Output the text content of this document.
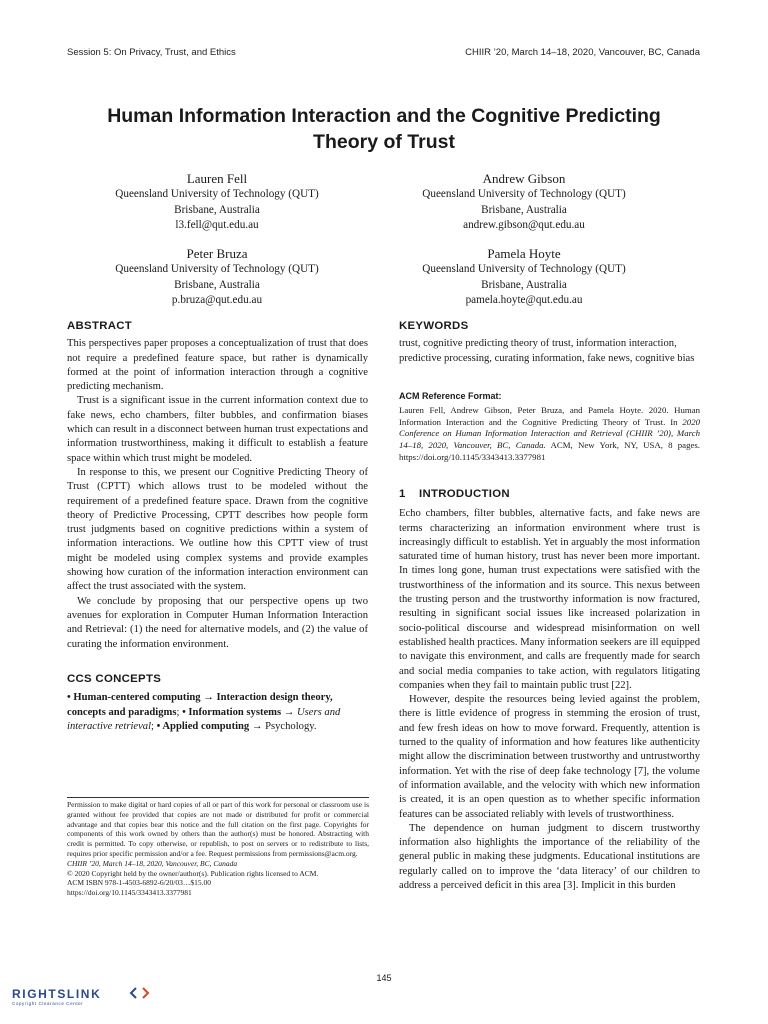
Session 5: On Privacy, Trust, and Ethics	CHIIR ’20, March 14–18, 2020, Vancouver, BC, Canada
Human Information Interaction and the Cognitive Predicting
Theory of Trust
Lauren Fell
Queensland University of Technology (QUT)
Brisbane, Australia
l3.fell@qut.edu.au
Andrew Gibson
Queensland University of Technology (QUT)
Brisbane, Australia
andrew.gibson@qut.edu.au
Peter Bruza
Queensland University of Technology (QUT)
Brisbane, Australia
p.bruza@qut.edu.au
Pamela Hoyte
Queensland University of Technology (QUT)
Brisbane, Australia
pamela.hoyte@qut.edu.au
ABSTRACT

This perspectives paper proposes a conceptualization of trust that does not require a predefined feature space, but rather is dynamically formed at the point of information interaction through a cognitive predicting mechanism.

Trust is a significant issue in the current information context due to fake news, echo chambers, filter bubbles, and confirmation biases which can result in a disconnect between human trust expectations and information trustworthiness, making it difficult to establish a feature space within which trust might be modeled.

In response to this, we present our Cognitive Predicting Theory of Trust (CPTT) which allows trust to be modeled without the requirement of a predefined feature space. Drawn from the cognitive theory of Predictive Processing, CPTT describes how people form trust judgments based on cognitive predictions within a system of information interactions. We outline how this CPTT view of trust might be modeled using complex systems and provide examples showing how curation of the information interaction environment can affect the trust associated with the system.

We conclude by proposing that our perspective opens up two avenues for exploration in Computer Human Information Interaction and Retrieval: (1) the need for alternative models, and (2) the value of curating the information environment.

CCS CONCEPTS

• Human-centered computing → Interaction design theory, concepts and paradigms; • Information systems → Users and interactive retrieval; • Applied computing → Psychology.

Permission to make digital or hard copies of all or part of this work for personal or classroom use is granted without fee provided that copies are not made or distributed for profit or commercial advantage and that copies bear this notice and the full citation on the first page. Copyrights for components of this work owned by others than the author(s) must be honored. Abstracting with credit is permitted. To copy otherwise, or republish, to post on servers or to redistribute to lists, requires prior specific permission and/or a fee. Request permissions from permissions@acm.org.
CHIIR ’20, March 14–18, 2020, Vancouver, BC, Canada
© 2020 Copyright held by the owner/author(s). Publication rights licensed to ACM.
ACM ISBN 978-1-4503-6892-6/20/03…$15.00
https://doi.org/10.1145/3343413.3377981
KEYWORDS

trust, cognitive predicting theory of trust, information interaction, predictive processing, curating information, fake news, cognitive bias

ACM Reference Format:
Lauren Fell, Andrew Gibson, Peter Bruza, and Pamela Hoyte. 2020. Human Information Interaction and the Cognitive Predicting Theory of Trust. In 2020 Conference on Human Information Interaction and Retrieval (CHIIR ’20), March 14–18, 2020, Vancouver, BC, Canada. ACM, New York, NY, USA, 8 pages. https://doi.org/10.1145/3343413.3377981
1 INTRODUCTION

Echo chambers, filter bubbles, alternative facts, and fake news are terms characterizing an information environment where trust is increasingly difficult to establish. Yet in arguably the most information saturated time of human history, trust has never been more important. In times long gone, human trust expectations were satisfied with the trustworthiness of the information and its source. This nexus between the trusting person and the trustworthy information is now fractured, resulting in significant social issues like increased polarization in socio-political discourse and widespread misinformation on well established health practices. Many information seekers are ill equipped to navigate this environment, and calls are frequently made for search and social media companies to take action, with regulators litigating companies when they fail to maintain public trust [22].

However, despite the resources being levied against the problem, there is little evidence of progress in stemming the erosion of trust, and few fresh ideas on how to move forward. Frequently, attention is turned to the quality of information and how features like authenticity might allow the discrimination between trustworthy and untrustworthy information. Yet with the rise of deep fake technology [7], the volume of information available, and the velocity with which new information is created, it is an open question as to whether specific information features can be associated reliably with levels of trustworthiness.

The dependence on human judgment to discern trustworthy information also highlights the importance of the reliability of the general public in making these judgments. Educational institutions are regularly called on to improve the ‘data literacy’ of our children to address a perceived deficit in this area [3]. Implicit in this burden

145
RIGHTSLINK
Copyright Clearance Center
